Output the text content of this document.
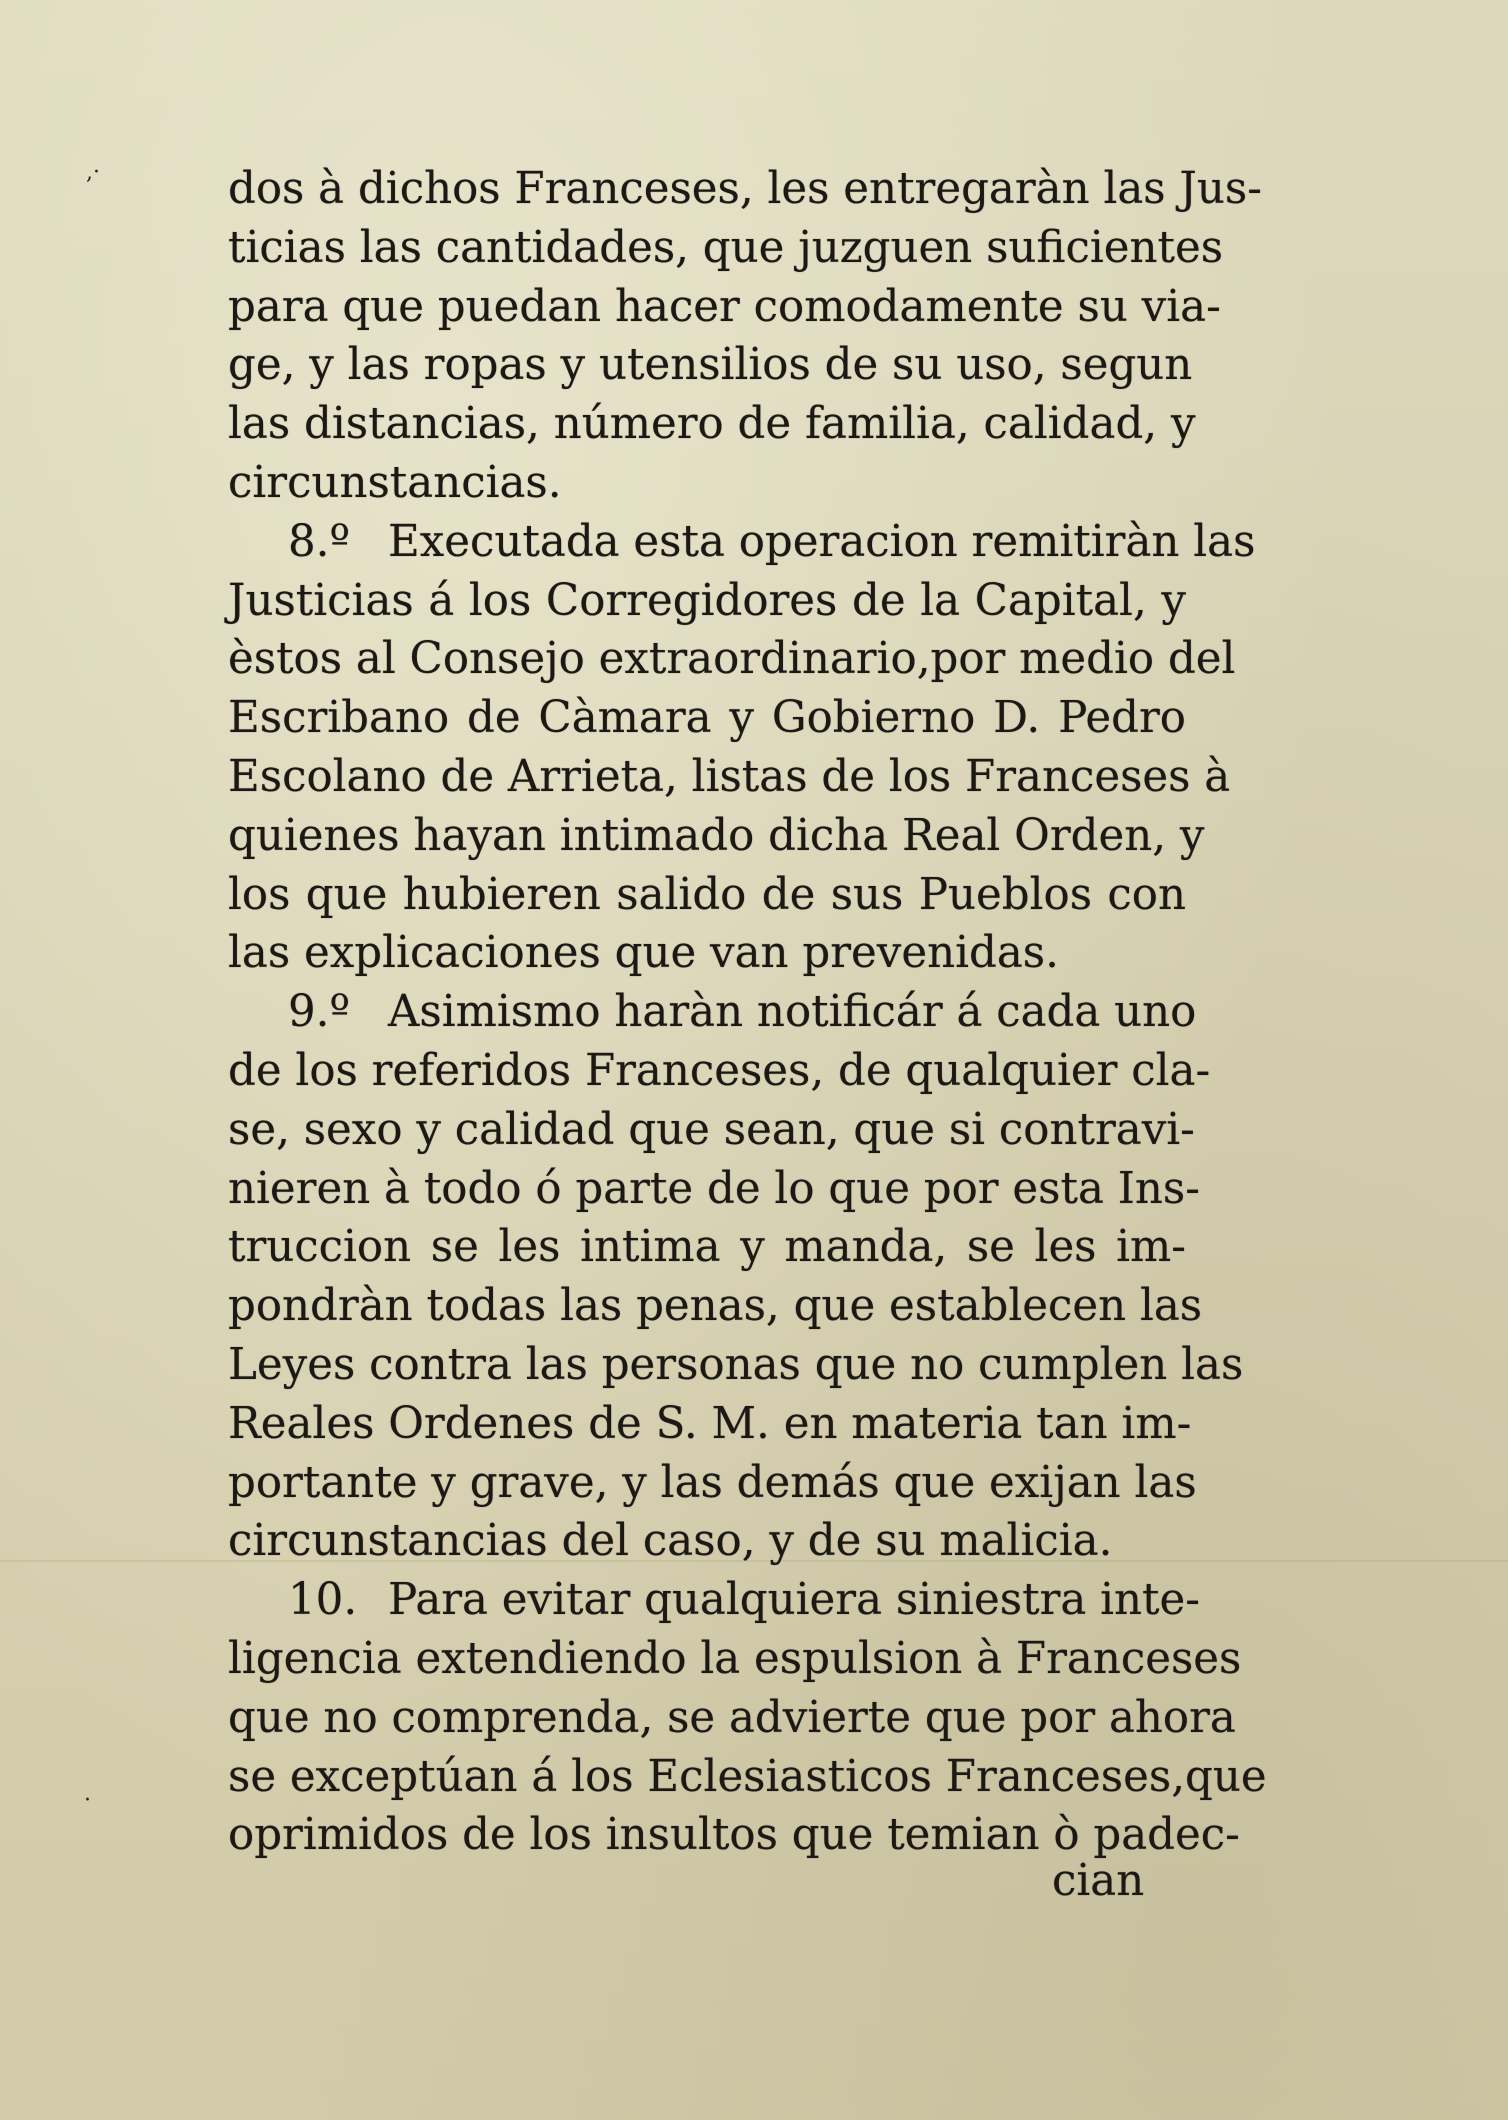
,·
·
dos à dichos Franceses, les entregaràn las Jus-
ticias las cantidades, que juzguen suficientes
para que puedan hacer comodamente su via-
ge, y las ropas y utensilios de su uso, segun
las distancias, número de familia, calidad, y
circunstancias.
8.º Executada esta operacion remitiràn las
Justicias á los Corregidores de la Capital, y
èstos al Consejo extraordinario,por medio del
Escribano de Càmara y Gobierno D. Pedro
Escolano de Arrieta, listas de los Franceses à
quienes hayan intimado dicha Real Orden, y
los que hubieren salido de sus Pueblos con
las explicaciones que van prevenidas.
9.º Asimismo haràn notificár á cada uno
de los referidos Franceses, de qualquier cla-
se, sexo y calidad que sean, que si contravi-
nieren à todo ó parte de lo que por esta Ins-
truccion se les intima y manda, se les im-
pondràn todas las penas, que establecen las
Leyes contra las personas que no cumplen las
Reales Ordenes de S. M. en materia tan im-
portante y grave, y las demás que exijan las
circunstancias del caso, y de su malicia.
10. Para evitar qualquiera siniestra inte-
ligencia extendiendo la espulsion à Franceses
que no comprenda, se advierte que por ahora
se exceptúan á los Eclesiasticos Franceses,que
oprimidos de los insultos que temian ò padec-
cian
